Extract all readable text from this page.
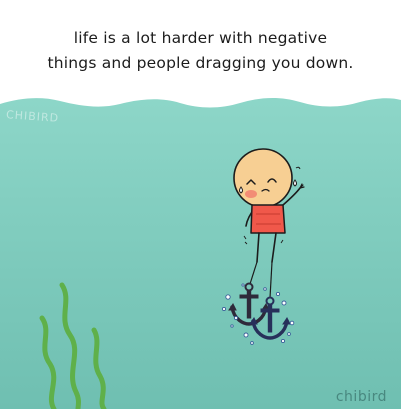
life is a lot harder with negative
things and people dragging you down.
CHIBIRD
chibird
